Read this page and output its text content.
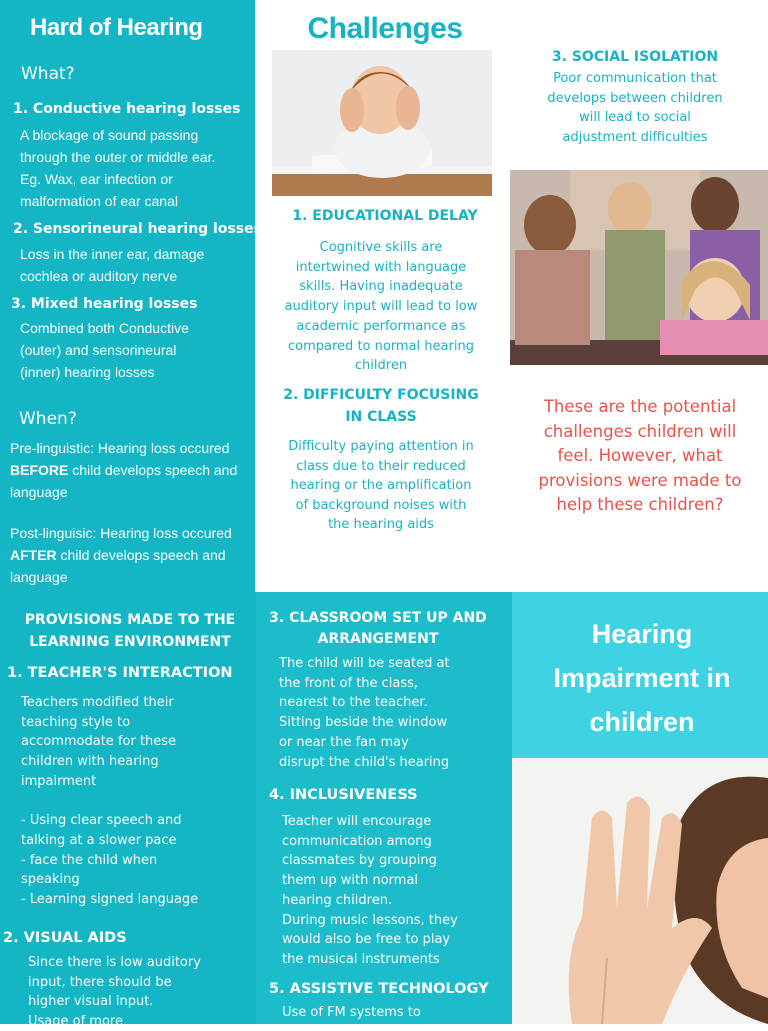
Hard of Hearing
What?
1. Conductive hearing losses

A blockage of sound passing

through the outer or middle ear.

Eg. Wax, ear infection or

malformation of ear canal

2. Sensorineural hearing losses

Loss in the inner ear, damage

cochlea or auditory nerve

3. Mixed hearing losses

Combined both Conductive

(outer) and sensorineural

(inner) hearing losses

When?

Pre-linguistic: Hearing loss occured

BEFORE child develops speech and

language

Post-linguisic: Hearing loss occured

AFTER child develops speech and

language

Challenges
1. EDUCATIONAL DELAY

Cognitive skills are

intertwined with language

skills. Having inadequate

auditory input will lead to low

academic performance as

compared to normal hearing

children

2. DIFFICULTY FOCUSING

IN CLASS

Difficulty paying attention in

class due to their reduced

hearing or the amplification

of background noises with

the hearing aids

3. SOCIAL ISOLATION

Poor communication that

develops between children

will lead to social

adjustment difficulties

These are the potential

challenges children will

feel. However, what

provisions were made to

help these children?

PROVISIONS MADE TO THE

LEARNING ENVIRONMENT

1. TEACHER'S INTERACTION

Teachers modified their

teaching style to

accommodate for these

children with hearing

impairment

- Using clear speech and

talking at a slower pace

- face the child when

speaking

- Learning signed language

2. VISUAL AIDS

Since there is low auditory

input, there should be

higher visual input.

Usage of more

3. CLASSROOM SET UP AND

ARRANGEMENT

The child will be seated at

the front of the class,

nearest to the teacher.

Sitting beside the window

or near the fan may

disrupt the child's hearing

4. INCLUSIVENESS

Teacher will encourage

communication among

classmates by grouping

them up with normal

hearing children.

During music lessons, they

would also be free to play

the musical instruments

5. ASSISTIVE TECHNOLOGY

Use of FM systems to

Hearing

Impairment in

children
